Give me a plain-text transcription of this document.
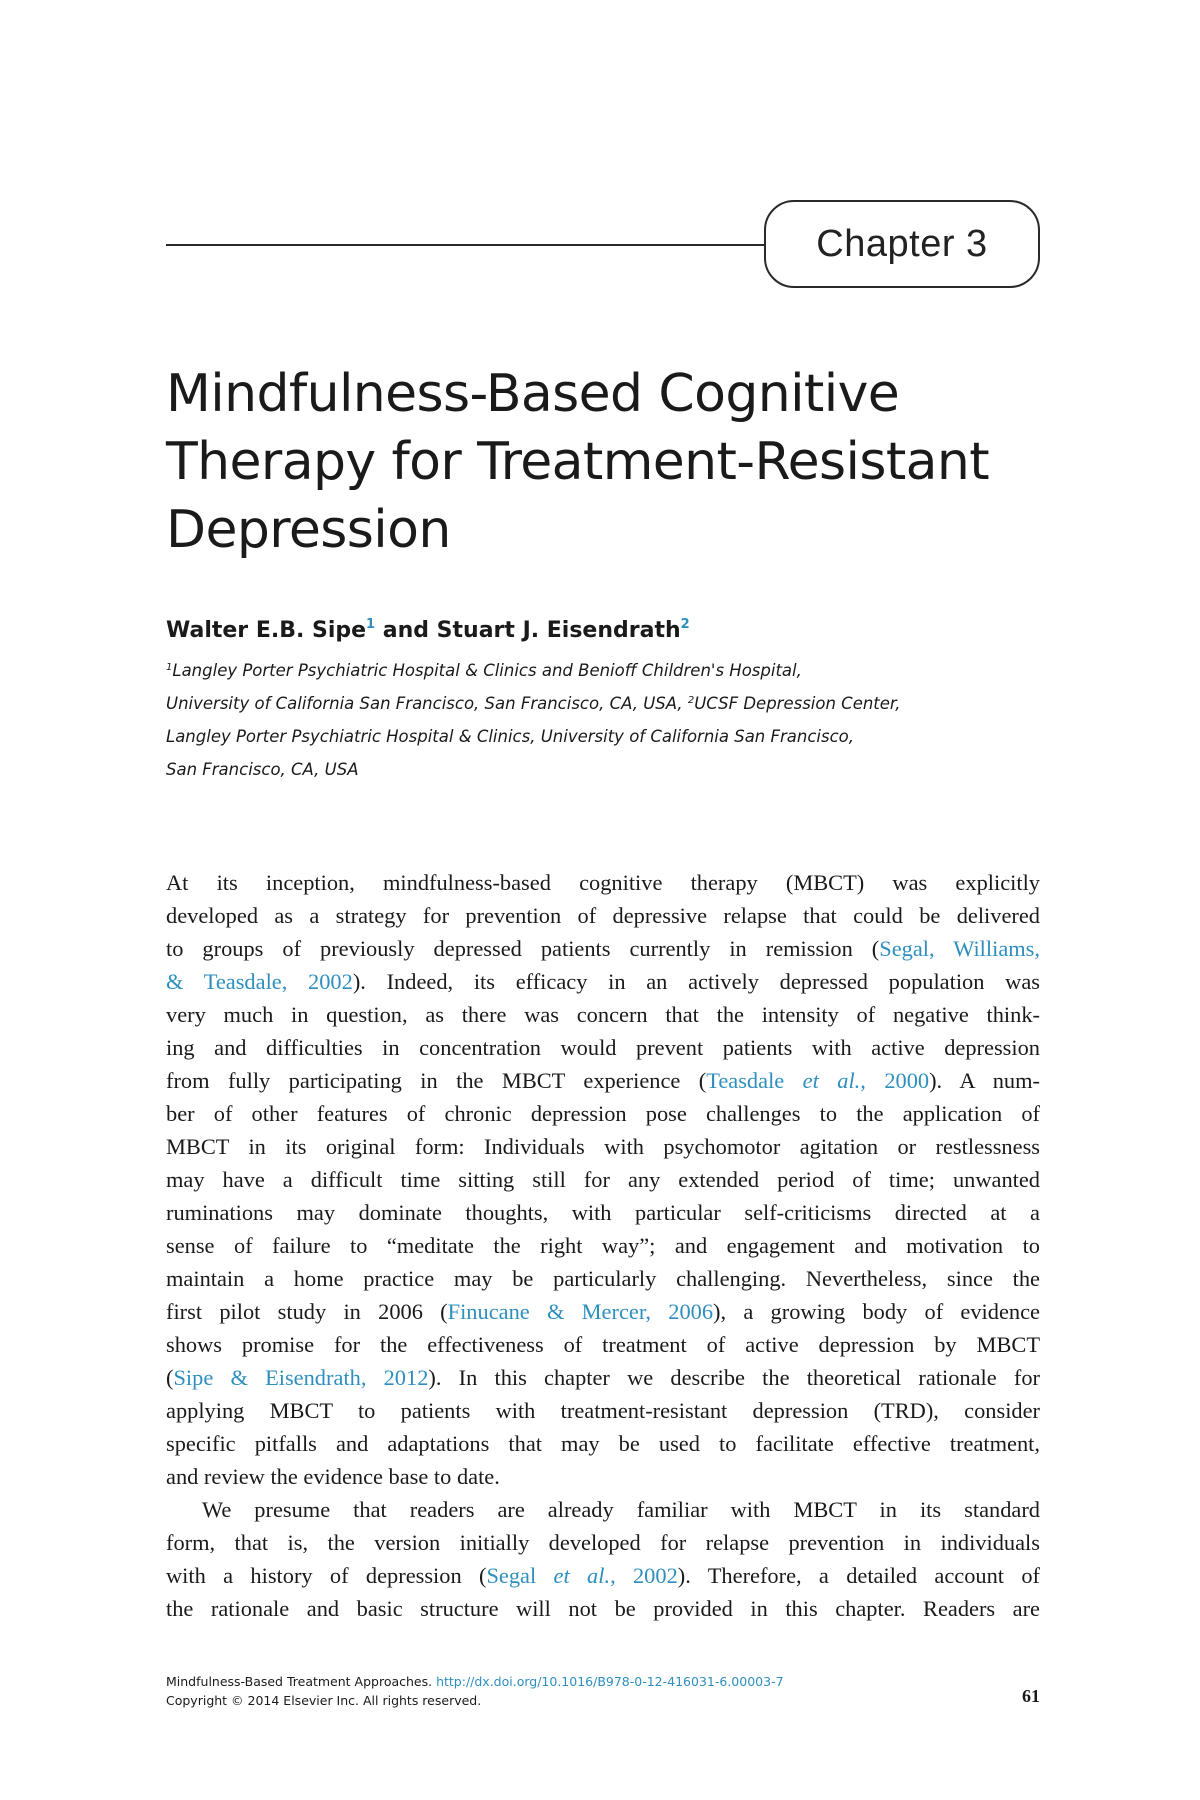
Chapter 3
Mindfulness-Based Cognitive
Therapy for Treatment-Resistant
Depression
Walter E.B. Sipe$^1$ and Stuart J. Eisendrath$^2$
$^1$Langley Porter Psychiatric Hospital & Clinics and Benioff Children's Hospital,
University of California San Francisco, San Francisco, CA, USA, $^2$UCSF Depression Center,
Langley Porter Psychiatric Hospital & Clinics, University of California San Francisco,
San Francisco, CA, USA
At its inception, mindfulness-based cognitive therapy (MBCT) was explicitly
developed as a strategy for prevention of depressive relapse that could be delivered
to groups of previously depressed patients currently in remission (Segal, Williams,
& Teasdale, 2002). Indeed, its efficacy in an actively depressed population was
very much in question, as there was concern that the intensity of negative think-
ing and difficulties in concentration would prevent patients with active depression
from fully participating in the MBCT experience (Teasdale et al., 2000). A num-
ber of other features of chronic depression pose challenges to the application of
MBCT in its original form: Individuals with psychomotor agitation or restlessness
may have a difficult time sitting still for any extended period of time; unwanted
ruminations may dominate thoughts, with particular self-criticisms directed at a
sense of failure to “meditate the right way”; and engagement and motivation to
maintain a home practice may be particularly challenging. Nevertheless, since the
first pilot study in 2006 (Finucane & Mercer, 2006), a growing body of evidence
shows promise for the effectiveness of treatment of active depression by MBCT
(Sipe & Eisendrath, 2012). In this chapter we describe the theoretical rationale for
applying MBCT to patients with treatment-resistant depression (TRD), consider
specific pitfalls and adaptations that may be used to facilitate effective treatment,
and review the evidence base to date.
We presume that readers are already familiar with MBCT in its standard
form, that is, the version initially developed for relapse prevention in individuals
with a history of depression (Segal et al., 2002). Therefore, a detailed account of
the rationale and basic structure will not be provided in this chapter. Readers are
Mindfulness-Based Treatment Approaches. http://dx.doi.org/10.1016/B978-0-12-416031-6.00003-7
Copyright © 2014 Elsevier Inc. All rights reserved.	61
